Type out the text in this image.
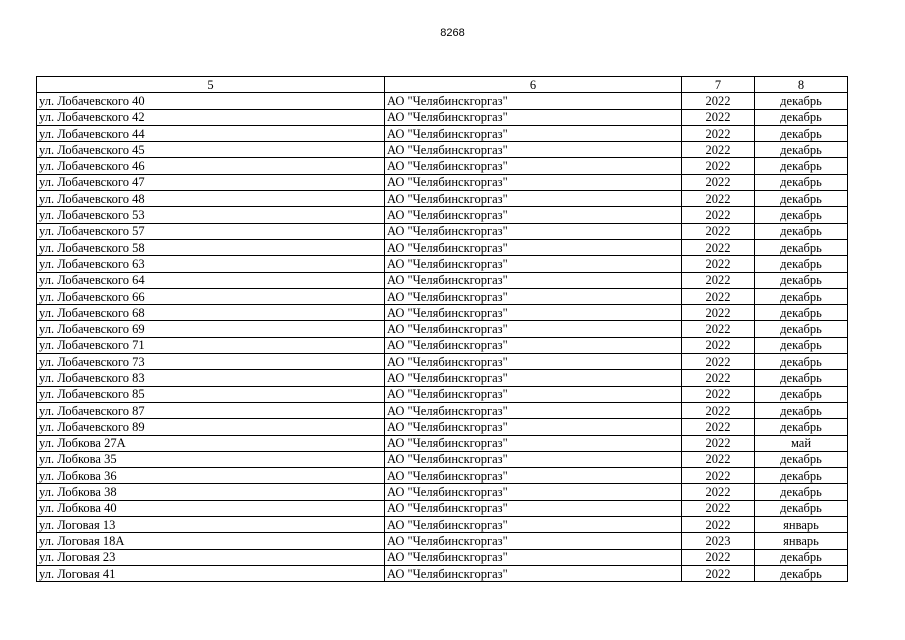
8268
5	6	7	8
ул. Лобачевского 40	АО "Челябинскгоргаз"	2022	декабрь
ул. Лобачевского 42	АО "Челябинскгоргаз"	2022	декабрь
ул. Лобачевского 44	АО "Челябинскгоргаз"	2022	декабрь
ул. Лобачевского 45	АО "Челябинскгоргаз"	2022	декабрь
ул. Лобачевского 46	АО "Челябинскгоргаз"	2022	декабрь
ул. Лобачевского 47	АО "Челябинскгоргаз"	2022	декабрь
ул. Лобачевского 48	АО "Челябинскгоргаз"	2022	декабрь
ул. Лобачевского 53	АО "Челябинскгоргаз"	2022	декабрь
ул. Лобачевского 57	АО "Челябинскгоргаз"	2022	декабрь
ул. Лобачевского 58	АО "Челябинскгоргаз"	2022	декабрь
ул. Лобачевского 63	АО "Челябинскгоргаз"	2022	декабрь
ул. Лобачевского 64	АО "Челябинскгоргаз"	2022	декабрь
ул. Лобачевского 66	АО "Челябинскгоргаз"	2022	декабрь
ул. Лобачевского 68	АО "Челябинскгоргаз"	2022	декабрь
ул. Лобачевского 69	АО "Челябинскгоргаз"	2022	декабрь
ул. Лобачевского 71	АО "Челябинскгоргаз"	2022	декабрь
ул. Лобачевского 73	АО "Челябинскгоргаз"	2022	декабрь
ул. Лобачевского 83	АО "Челябинскгоргаз"	2022	декабрь
ул. Лобачевского 85	АО "Челябинскгоргаз"	2022	декабрь
ул. Лобачевского 87	АО "Челябинскгоргаз"	2022	декабрь
ул. Лобачевского 89	АО "Челябинскгоргаз"	2022	декабрь
ул. Лобкова 27А	АО "Челябинскгоргаз"	2022	май
ул. Лобкова 35	АО "Челябинскгоргаз"	2022	декабрь
ул. Лобкова 36	АО "Челябинскгоргаз"	2022	декабрь
ул. Лобкова 38	АО "Челябинскгоргаз"	2022	декабрь
ул. Лобкова 40	АО "Челябинскгоргаз"	2022	декабрь
ул. Логовая 13	АО "Челябинскгоргаз"	2022	январь
ул. Логовая 18А	АО "Челябинскгоргаз"	2023	январь
ул. Логовая 23	АО "Челябинскгоргаз"	2022	декабрь
ул. Логовая 41	АО "Челябинскгоргаз"	2022	декабрь
